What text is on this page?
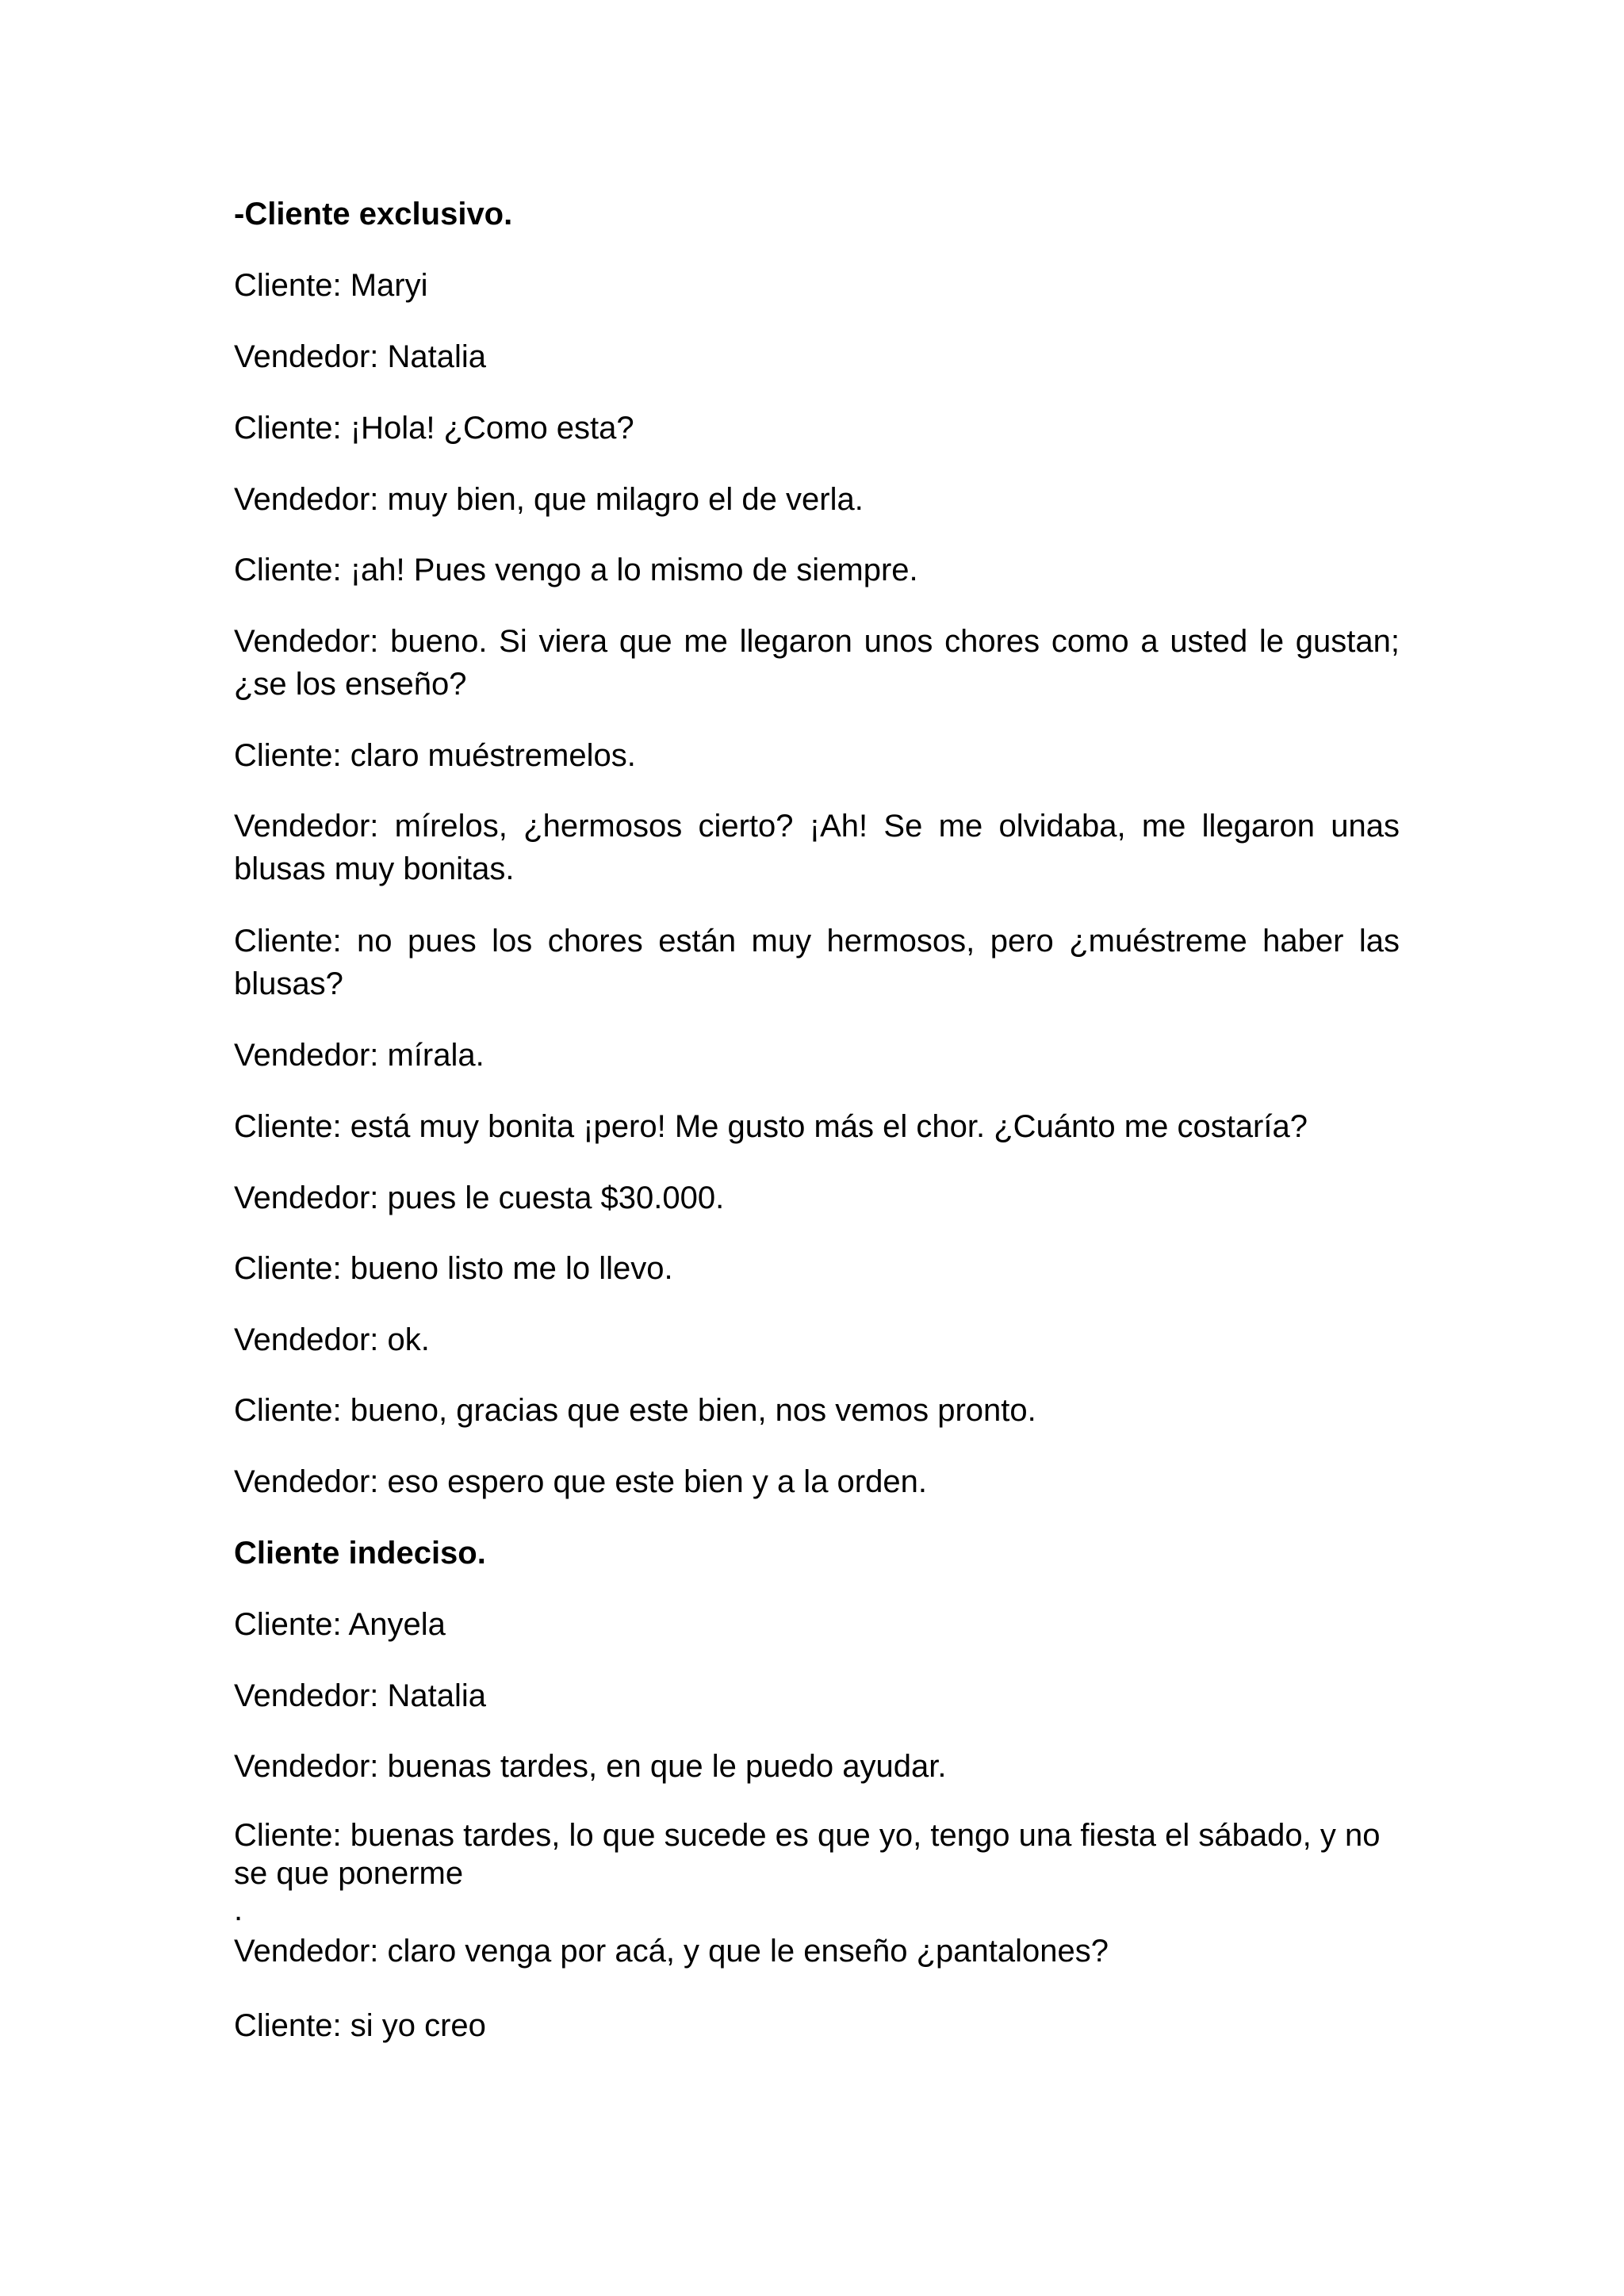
-Cliente exclusivo.

Cliente: Maryi

Vendedor: Natalia

Cliente: ¡Hola! ¿Como esta?

Vendedor: muy bien, que milagro el de verla.

Cliente: ¡ah! Pues vengo a lo mismo de siempre.

Vendedor: bueno. Si viera que me llegaron unos chores como a usted le gustan; ¿se los enseño?

Cliente: claro muéstremelos.

Vendedor: mírelos, ¿hermosos cierto? ¡Ah! Se me olvidaba, me llegaron unas blusas muy bonitas.

Cliente: no pues los chores están muy hermosos, pero ¿muéstreme haber las blusas?

Vendedor: mírala.

Cliente: está muy bonita ¡pero! Me gusto más el chor. ¿Cuánto me costaría?

Vendedor: pues le cuesta $30.000.

Cliente: bueno listo me lo llevo.

Vendedor: ok.

Cliente: bueno, gracias que este bien, nos vemos pronto.

Vendedor: eso espero que este bien y a la orden.

Cliente indeciso.

Cliente: Anyela

Vendedor: Natalia

Vendedor: buenas tardes, en que le puedo ayudar.

Cliente: buenas tardes, lo que sucede es que yo, tengo una fiesta el sábado, y no se que ponerme

.

Vendedor: claro venga por acá, y que le enseño ¿pantalones?

Cliente: si yo creo
